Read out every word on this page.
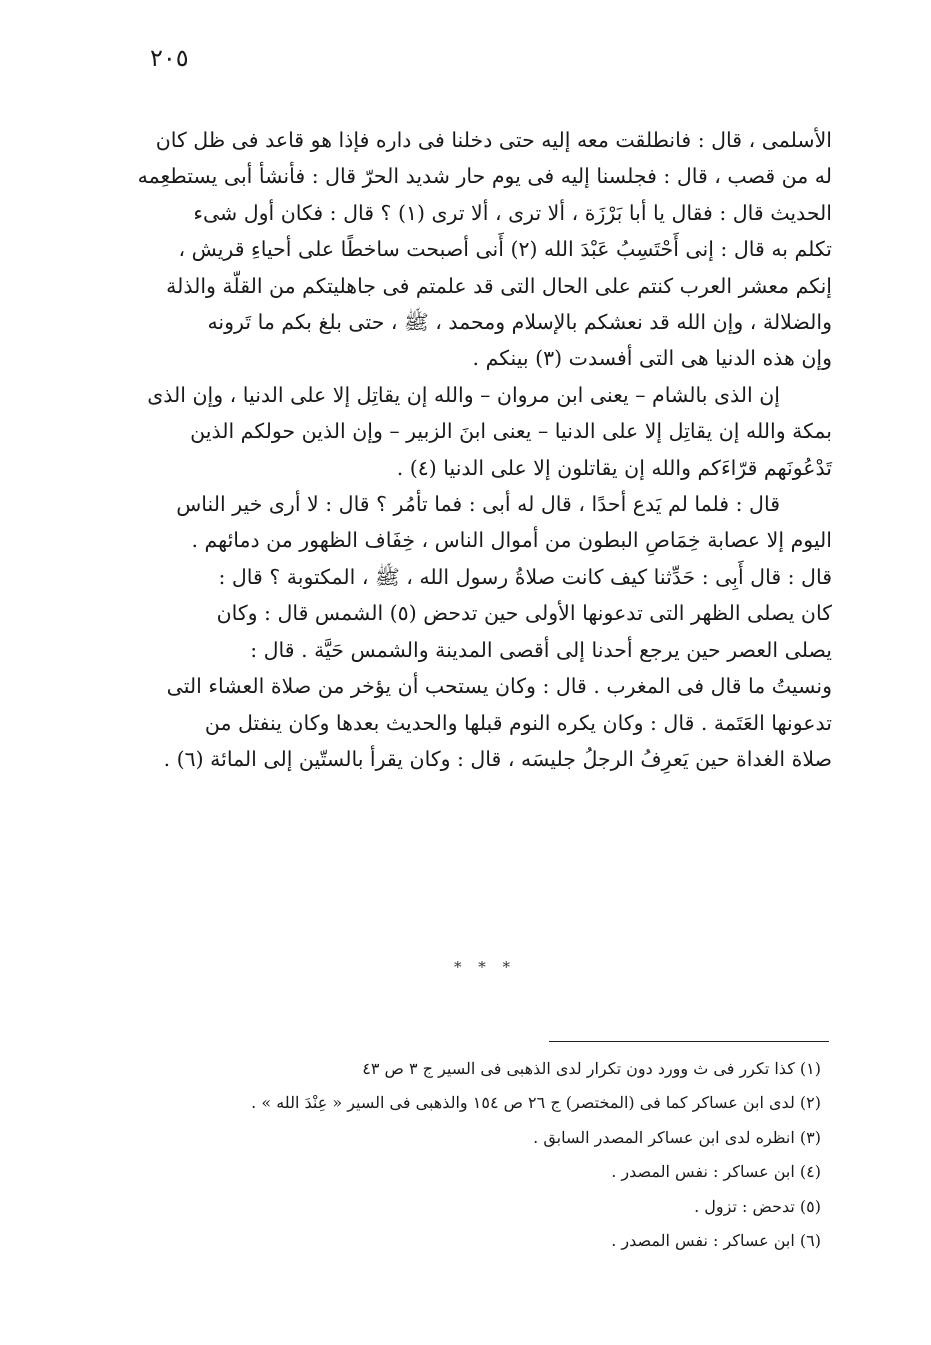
٢٠٥

الأسلمى ، قال : فانطلقت معه إليه حتى دخلنا فى داره فإذا هو قاعد فى ظل كان
له من قصب ، قال : فجلسنا إليه فى يوم حار شديد الحرّ قال : فأنشأ أبى يستطعِمه
الحديث قال : فقال يا أبا بَرْزَة ، ألا ترى ، ألا ترى (١) ؟ قال : فكان أول شىء
تكلم به قال : إنى أَحْتَسِبُ عَبْدَ الله (٢) أَنى أصبحت ساخطًا على أحياءِ قريش ،
إنكم معشر العرب كنتم على الحال التى قد علمتم فى جاهليتكم من القلّة والذلة
والضلالة ، وإن الله قد نعشكم بالإسلام ومحمد ، ﷺ ، حتى بلغ بكم ما تَرونه
وإن هذه الدنيا هى التى أفسدت (٣) بينكم .

إن الذى بالشام – يعنى ابن مروان – والله إن يقاتِل إلا على الدنيا ، وإن الذى
بمكة والله إن يقاتِل إلا على الدنيا – يعنى ابنَ الزبير – وإن الذين حولكم الذين
تَدْعُونَهم قرّاءَكم والله إن يقاتلون إلا على الدنيا (٤) .

قال : فلما لم يَدع أحدًا ، قال له أبى : فما تأمُر ؟ قال : لا أرى خير الناس
اليوم إلا عصابة خِمَاصِ البطون من أموال الناس ، خِفَاف الظهور من دمائهم .
قال : قال أَبِى : حَدِّثنا كيف كانت صلاةُ رسول الله ، ﷺ ، المكتوبة ؟ قال :
كان يصلى الظهر التى تدعونها الأولى حين تدحض (٥) الشمس قال : وكان
يصلى العصر حين يرجع أحدنا إلى أقصى المدينة والشمس حَيَّة . قال :
ونسيتُ ما قال فى المغرب . قال : وكان يستحب أن يؤخر من صلاة العشاء التى
تدعونها العَتَمة . قال : وكان يكره النوم قبلها والحديث بعدها وكان ينفتل من
صلاة الغداة حين يَعرِفُ الرجلُ جليسَه ، قال : وكان يقرأ بالستّين إلى المائة (٦) .

* * *
(١) كذا تكرر فى ث وورد دون تكرار لدى الذهبى فى السير ج ٣ ص ٤٣
(٢) لدى ابن عساكر كما فى (المختصر) ج ٢٦ ص ١٥٤ والذهبى فى السير « عِنْدَ الله » .
(٣) انظره لدى ابن عساكر المصدر السابق .
(٤) ابن عساكر : نفس المصدر .
(٥) تدحض : تزول .
(٦) ابن عساكر : نفس المصدر .
